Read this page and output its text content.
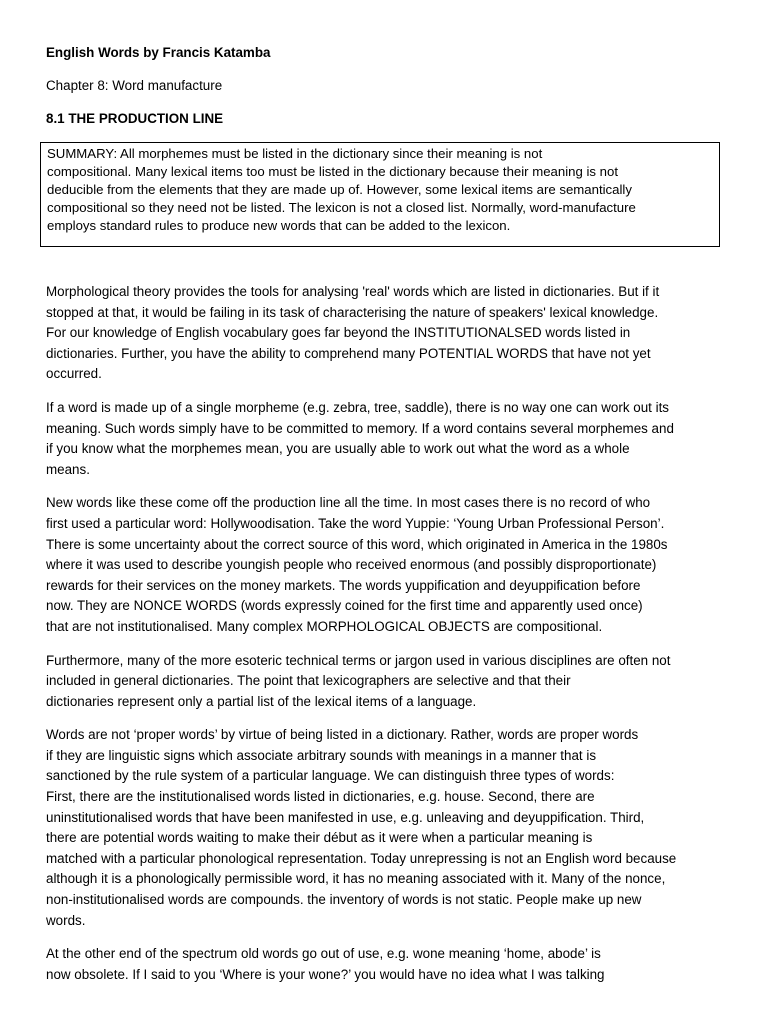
English Words by Francis Katamba

Chapter 8: Word manufacture

8.1 THE PRODUCTION LINE

SUMMARY: All morphemes must be listed in the dictionary since their meaning is not

compositional. Many lexical items too must be listed in the dictionary because their meaning is not

deducible from the elements that they are made up of. However, some lexical items are semantically

compositional so they need not be listed. The lexicon is not a closed list. Normally, word-manufacture

employs standard rules to produce new words that can be added to the lexicon.

Morphological theory provides the tools for analysing 'real' words which are listed in dictionaries. But if it

stopped at that, it would be failing in its task of characterising the nature of speakers' lexical knowledge.

For our knowledge of English vocabulary goes far beyond the INSTITUTIONALSED words listed in

dictionaries. Further, you have the ability to comprehend many POTENTIAL WORDS that have not yet

occurred.

If a word is made up of a single morpheme (e.g. zebra, tree, saddle), there is no way one can work out its

meaning. Such words simply have to be committed to memory. If a word contains several morphemes and

if you know what the morphemes mean, you are usually able to work out what the word as a whole

means.

New words like these come off the production line all the time. In most cases there is no record of who

first used a particular word: Hollywoodisation. Take the word Yuppie: ‘Young Urban Professional Person’.

There is some uncertainty about the correct source of this word, which originated in America in the 1980s

where it was used to describe youngish people who received enormous (and possibly disproportionate)

rewards for their services on the money markets. The words yuppification and deyuppification before

now. They are NONCE WORDS (words expressly coined for the first time and apparently used once)

that are not institutionalised. Many complex MORPHOLOGICAL OBJECTS are compositional.

Furthermore, many of the more esoteric technical terms or jargon used in various disciplines are often not

included in general dictionaries. The point that lexicographers are selective and that their

dictionaries represent only a partial list of the lexical items of a language.

Words are not ‘proper words’ by virtue of being listed in a dictionary. Rather, words are proper words

if they are linguistic signs which associate arbitrary sounds with meanings in a manner that is

sanctioned by the rule system of a particular language. We can distinguish three types of words:

First, there are the institutionalised words listed in dictionaries, e.g. house. Second, there are

uninstitutionalised words that have been manifested in use, e.g. unleaving and deyuppification. Third,

there are potential words waiting to make their début as it were when a particular meaning is

matched with a particular phonological representation. Today unrepressing is not an English word because

although it is a phonologically permissible word, it has no meaning associated with it. Many of the nonce,

non-institutionalised words are compounds. the inventory of words is not static. People make up new

words.

At the other end of the spectrum old words go out of use, e.g. wone meaning ‘home, abode’ is

now obsolete. If I said to you ‘Where is your wone?’ you would have no idea what I was talking
